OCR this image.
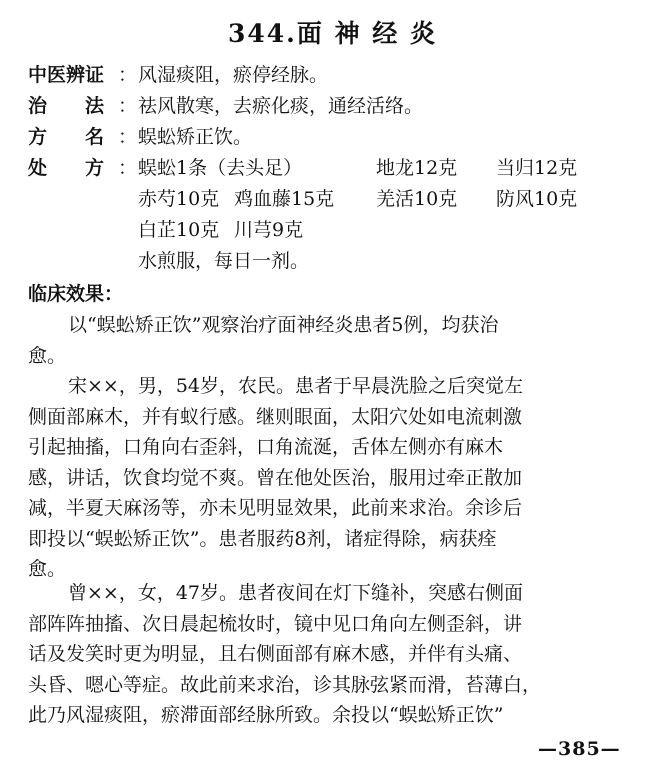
344.面 神 经 炎
中医辨证 ：风湿痰阻，瘀停经脉。
治　　法 ：祛风散寒，去瘀化痰，通经活络。
方　　名 ：蜈蚣矫正饮。
处　　方 ： 蜈蚣1条（去头足）	地龙12克 当归12克
赤芍10克 鸡血藤15克 羌活10克 防风10克
白芷10克 川芎9克
水煎服，每日一剂。
临床效果：
以“蜈蚣矫正饮”观察治疗面神经炎患者5例，均获治
愈。
宋××，男，54岁，农民。患者于早晨洗脸之后突觉左
侧面部麻木，并有蚁行感。继则眼面，太阳穴处如电流刺激
引起抽搐，口角向右歪斜，口角流涎，舌体左侧亦有麻木
感，讲话，饮食均觉不爽。曾在他处医治，服用过牵正散加
减，半夏天麻汤等，亦未见明显效果，此前来求治。余诊后
即投以“蜈蚣矫正饮”。患者服药8剂，诸症得除，病获痊
愈。
曾××，女，47岁。患者夜间在灯下缝补，突感右侧面
部阵阵抽搐、次日晨起梳妆时，镜中见口角向左侧歪斜，讲
话及发笑时更为明显，且右侧面部有麻木感，并伴有头痛、
头昏、嗯心等症。故此前来求治，诊其脉弦紧而滑，苔薄白，
此乃风湿痰阻，瘀滞面部经脉所致。余投以“蜈蚣矫正饮”
—385—
